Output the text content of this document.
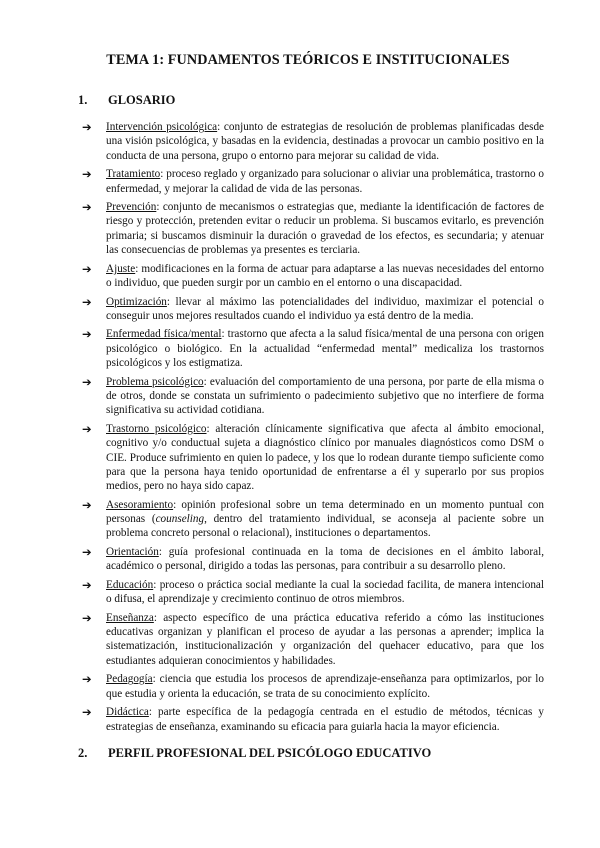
TEMA 1: FUNDAMENTOS TEÓRICOS E INSTITUCIONALES
1.	GLOSARIO
➔ Intervención psicológica: conjunto de estrategias de resolución de problemas planificadas desde una visión psicológica, y basadas en la evidencia, destinadas a provocar un cambio positivo en la conducta de una persona, grupo o entorno para mejorar su calidad de vida.
➔ Tratamiento: proceso reglado y organizado para solucionar o aliviar una problemática, trastorno o enfermedad, y mejorar la calidad de vida de las personas.
➔ Prevención: conjunto de mecanismos o estrategias que, mediante la identificación de factores de riesgo y protección, pretenden evitar o reducir un problema. Si buscamos evitarlo, es prevención primaria; si buscamos disminuir la duración o gravedad de los efectos, es secundaria; y atenuar las consecuencias de problemas ya presentes es terciaria.
➔ Ajuste: modificaciones en la forma de actuar para adaptarse a las nuevas necesidades del entorno o individuo, que pueden surgir por un cambio en el entorno o una discapacidad.
➔ Optimización: llevar al máximo las potencialidades del individuo, maximizar el potencial o conseguir unos mejores resultados cuando el individuo ya está dentro de la media.
➔ Enfermedad física/mental: trastorno que afecta a la salud física/mental de una persona con origen psicológico o biológico. En la actualidad “enfermedad mental” medicaliza los trastornos psicológicos y los estigmatiza.
➔ Problema psicológico: evaluación del comportamiento de una persona, por parte de ella misma o de otros, donde se constata un sufrimiento o padecimiento subjetivo que no interfiere de forma significativa su actividad cotidiana.
➔ Trastorno psicológico: alteración clínicamente significativa que afecta al ámbito emocional, cognitivo y/o conductual sujeta a diagnóstico clínico por manuales diagnósticos como DSM o CIE. Produce sufrimiento en quien lo padece, y los que lo rodean durante tiempo suficiente como para que la persona haya tenido oportunidad de enfrentarse a él y superarlo por sus propios medios, pero no haya sido capaz.
➔ Asesoramiento: opinión profesional sobre un tema determinado en un momento puntual con personas (counseling, dentro del tratamiento individual, se aconseja al paciente sobre un problema concreto personal o relacional), instituciones o departamentos.
➔ Orientación: guía profesional continuada en la toma de decisiones en el ámbito laboral, académico o personal, dirigido a todas las personas, para contribuir a su desarrollo pleno.
➔ Educación: proceso o práctica social mediante la cual la sociedad facilita, de manera intencional o difusa, el aprendizaje y crecimiento continuo de otros miembros.
➔ Enseñanza: aspecto específico de una práctica educativa referido a cómo las instituciones educativas organizan y planifican el proceso de ayudar a las personas a aprender; implica la sistematización, institucionalización y organización del quehacer educativo, para que los estudiantes adquieran conocimientos y habilidades.
➔ Pedagogía: ciencia que estudia los procesos de aprendizaje-enseñanza para optimizarlos, por lo que estudia y orienta la educación, se trata de su conocimiento explícito.
➔ Didáctica: parte específica de la pedagogía centrada en el estudio de métodos, técnicas y estrategias de enseñanza, examinando su eficacia para guiarla hacia la mayor eficiencia.
2.	PERFIL PROFESIONAL DEL PSICÓLOGO EDUCATIVO
